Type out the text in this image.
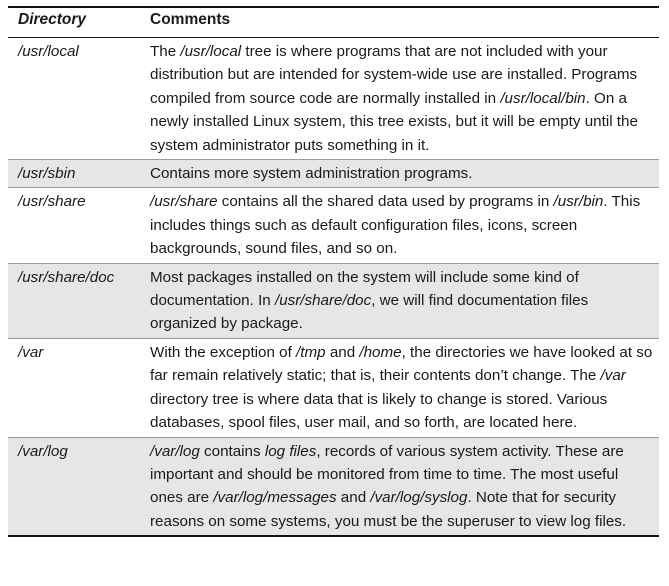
Directory	Comments
/usr/local	The /usr/local tree is where programs that are not included with your distribution but are intended for system-wide use are installed. Programs compiled from source code are normally installed in /usr/local/bin. On a newly installed Linux system, this tree exists, but it will be empty until the system administrator puts something in it.
/usr/sbin	Contains more system administration programs.
/usr/share	/usr/share contains all the shared data used by programs in /usr/bin. This includes things such as default configuration files, icons, screen backgrounds, sound files, and so on.
/usr/share/doc	Most packages installed on the system will include some kind of documentation. In /usr/share/doc, we will find documentation files organized by package.
/var	With the exception of /tmp and /home, the directories we have looked at so far remain relatively static; that is, their contents don’t change. The /var directory tree is where data that is likely to change is stored. Various databases, spool files, user mail, and so forth, are located here.
/var/log	/var/log contains log files, records of various system activity. These are important and should be monitored from time to time. The most useful ones are /var/log/messages and /var/log/syslog. Note that for security reasons on some systems, you must be the superuser to view log files.
